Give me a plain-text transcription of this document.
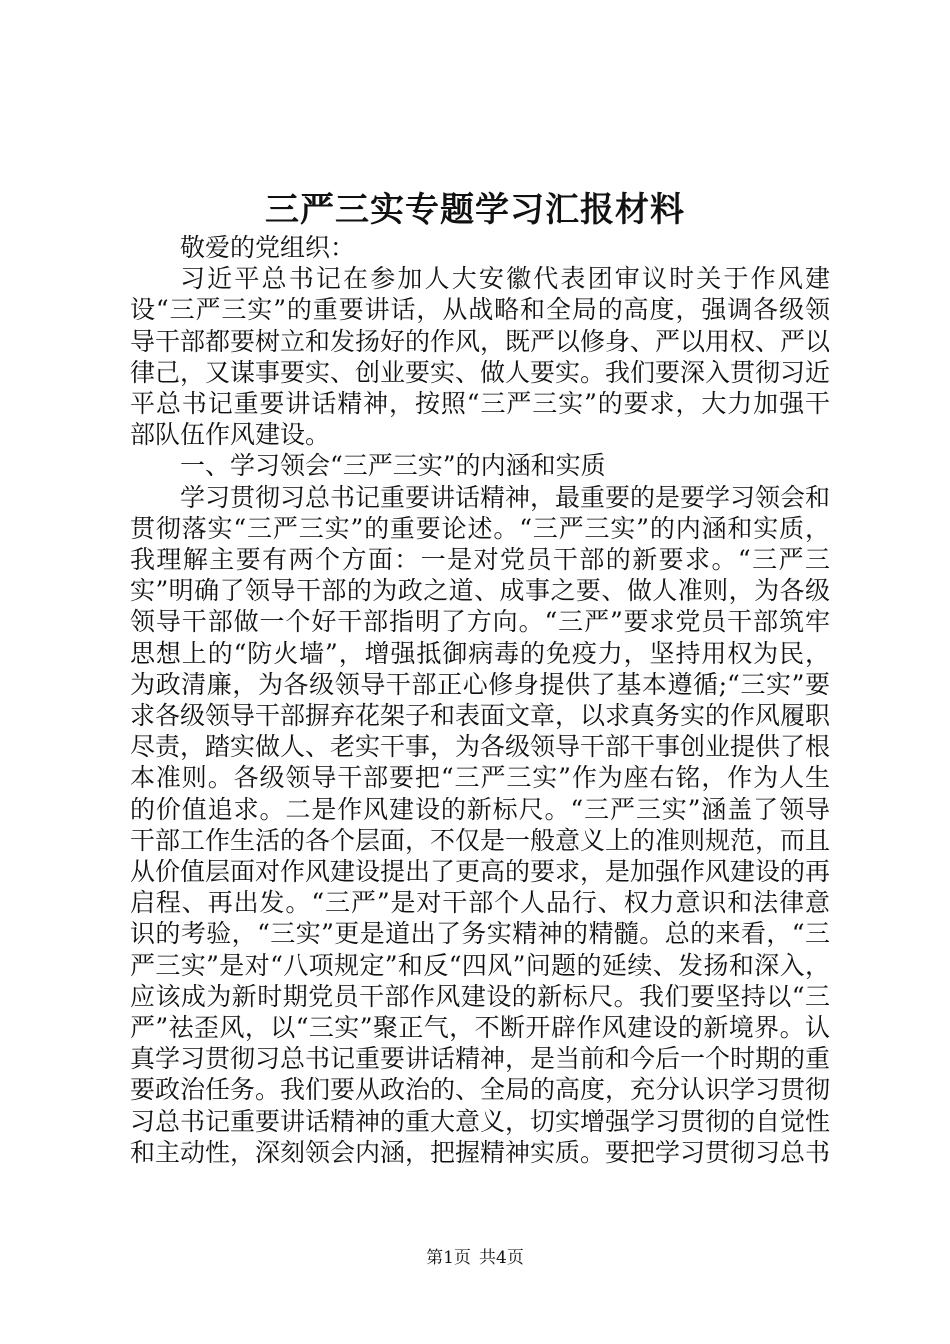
三严三实专题学习汇报材料

敬爱的党组织：

习近平总书记在参加人大安徽代表团审议时关于作风建设“三严三实”的重要讲话，从战略和全局的高度，强调各级领导干部都要树立和发扬好的作风，既严以修身、严以用权、严以律己，又谋事要实、创业要实、做人要实。我们要深入贯彻习近平总书记重要讲话精神，按照“三严三实”的要求，大力加强干部队伍作风建设。

一、学习领会“三严三实”的内涵和实质

学习贯彻习总书记重要讲话精神，最重要的是要学习领会和贯彻落实“三严三实”的重要论述。“三严三实”的内涵和实质，我理解主要有两个方面：一是对党员干部的新要求。“三严三实”明确了领导干部的为政之道、成事之要、做人准则，为各级领导干部做一个好干部指明了方向。“三严”要求党员干部筑牢思想上的“防火墙”，增强抵御病毒的免疫力，坚持用权为民，为政清廉，为各级领导干部正心修身提供了基本遵循;“三实”要求各级领导干部摒弃花架子和表面文章，以求真务实的作风履职尽责，踏实做人、老实干事，为各级领导干部干事创业提供了根本准则。各级领导干部要把“三严三实”作为座右铭，作为人生的价值追求。二是作风建设的新标尺。“三严三实”涵盖了领导干部工作生活的各个层面，不仅是一般意义上的准则规范，而且从价值层面对作风建设提出了更高的要求，是加强作风建设的再启程、再出发。“三严”是对干部个人品行、权力意识和法律意识的考验，“三实”更是道出了务实精神的精髓。总的来看，“三严三实”是对“八项规定”和反“四风”问题的延续、发扬和深入，应该成为新时期党员干部作风建设的新标尺。我们要坚持以“三严”祛歪风，以“三实”聚正气，不断开辟作风建设的新境界。认真学习贯彻习总书记重要讲话精神，是当前和今后一个时期的重要政治任务。我们要从政治的、全局的高度，充分认识学习贯彻习总书记重要讲话精神的重大意义，切实增强学习贯彻的自觉性和主动性，深刻领会内涵，把握精神实质。要把学习贯彻习总书

第1页 共4页
